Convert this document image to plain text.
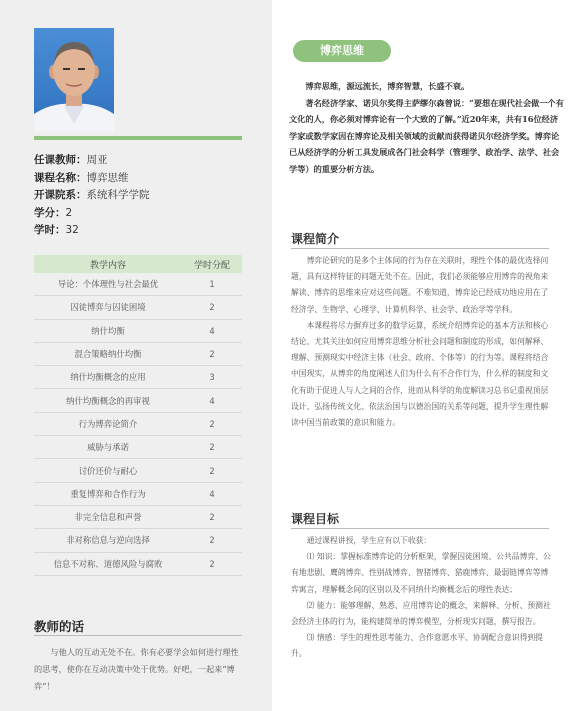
任课教师：周亚
课程名称：博弈思维
开课院系：系统科学学院
学分：2
学时：32
教学内容	学时分配
导论：个体理性与社会最优	1
囚徒博弈与囚徒困境	2
纳什均衡	4
混合策略纳什均衡	2
纳什均衡概念的应用	3
纳什均衡概念的再审视	4
行为博弈论简介	2
威胁与承诺	2
讨价还价与耐心	2
重复博弈和合作行为	4
非完全信息和声誉	2
非对称信息与逆向选择	2
信息不对称、道德风险与腐败	2
教师的话
与他人的互动无处不在。你有必要学会如何进行理性的思考，使你在互动决策中处于优势。好吧，一起来“博弈”！
博弈思维

博弈思维，源远流长，博弈智慧，长盛不衰。

著名经济学家、诺贝尔奖得主萨缪尔森曾说：“要想在现代社会做一个有文化的人，你必须对博弈论有一个大致的了解。”近20年来，共有16位经济学家或数学家因在博弈论及相关领域的贡献而获得诺贝尔经济学奖。博弈论已从经济学的分析工具发展成各门社会科学（管理学、政治学、法学、社会学等）的重要分析方法。

课程简介

博弈论研究的是多个主体间的行为存在关联时，理性个体的最优选择问题，具有这样特征的问题无处不在。因此，我们必须能够应用博弈的视角来解读、博弈的思维来应对这些问题。不难知道，博弈论已经成功地应用在了经济学、生物学、心理学、计算机科学、社会学、政治学等学科。

本课程将尽力摒弃过多的数学运算，系统介绍博弈论的基本方法和核心结论，尤其关注如何应用博弈思维分析社会问题和制度的形成，如何解释、理解、预测现实中经济主体（社会、政府、个体等）的行为等。课程将结合中国现实，从博弈的角度阐述人们为什么有不合作行为，什么样的制度和文化有助于促进人与人之间的合作，进而从科学的角度解读习总书记重视顶层设计、弘扬传统文化、依法治国与以德治国的关系等问题，提升学生理性解读中国当前政策的意识和能力。

课程目标

通过课程讲授，学生应有以下收获：

⑴ 知识：掌握标准博弈论的分析框架，掌握囚徒困境、公共品博弈、公有地悲剧、鹰鸽博弈、性别战博弈、智猪博弈、猎鹿博弈、最弱链博弈等博弈寓言，理解概念间的区别以及不同纳什均衡概念后的理性表达；

⑵ 能力：能够理解、熟悉、应用博弈论的概念，来解释、分析、预测社会经济主体的行为，能构建简单的博弈模型，分析现实问题，撰写报告。

⑶ 情感：学生的理性思考能力、合作意愿水平、协调配合意识得到提升。
